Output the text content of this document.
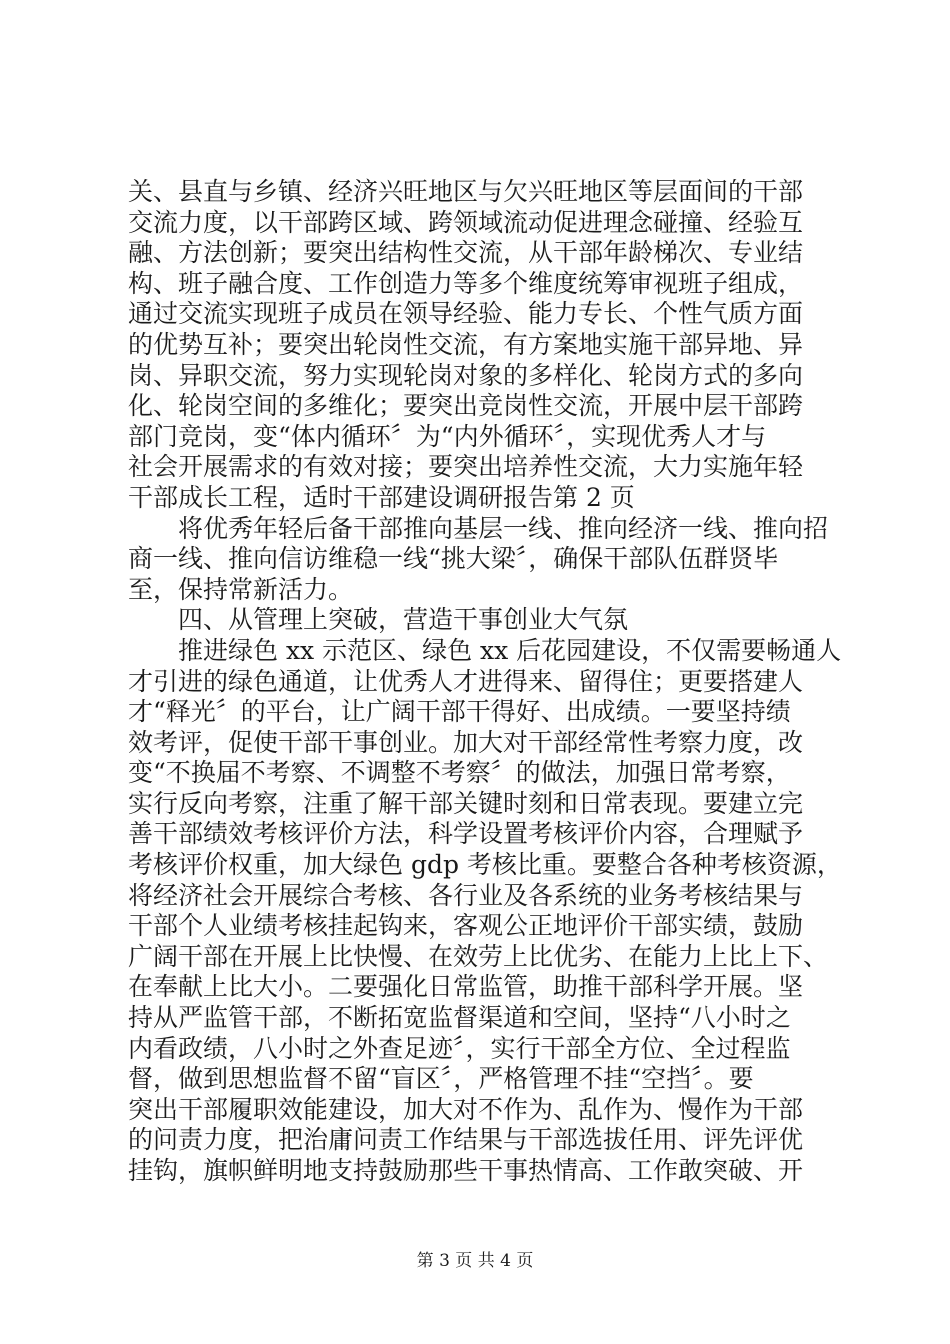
关、县直与乡镇、经济兴旺地区与欠兴旺地区等层面间的干部
交流力度，以干部跨区域、跨领域流动促进理念碰撞、经验互
融、方法创新；要突出结构性交流，从干部年龄梯次、专业结
构、班子融合度、工作创造力等多个维度统筹审视班子组成，
通过交流实现班子成员在领导经验、能力专长、个性气质方面
的优势互补；要突出轮岗性交流，有方案地实施干部异地、异
岗、异职交流，努力实现轮岗对象的多样化、轮岗方式的多向
化、轮岗空间的多维化；要突出竞岗性交流，开展中层干部跨
部门竞岗，变“体内循环〞为“内外循环〞，实现优秀人才与
社会开展需求的有效对接；要突出培养性交流，大力实施年轻
干部成长工程，适时干部建设调研报告第 2 页
将优秀年轻后备干部推向基层一线、推向经济一线、推向招
商一线、推向信访维稳一线“挑大梁〞，确保干部队伍群贤毕
至，保持常新活力。
四、从管理上突破，营造干事创业大气氛
推进绿色 xx 示范区、绿色 xx 后花园建设，不仅需要畅通人
才引进的绿色通道，让优秀人才进得来、留得住；更要搭建人
才“释光〞的平台，让广阔干部干得好、出成绩。一要坚持绩
效考评，促使干部干事创业。加大对干部经常性考察力度，改
变“不换届不考察、不调整不考察〞的做法，加强日常考察，
实行反向考察，注重了解干部关键时刻和日常表现。要建立完
善干部绩效考核评价方法，科学设置考核评价内容，合理赋予
考核评价权重，加大绿色 gdp 考核比重。要整合各种考核资源，
将经济社会开展综合考核、各行业及各系统的业务考核结果与
干部个人业绩考核挂起钩来，客观公正地评价干部实绩，鼓励
广阔干部在开展上比快慢、在效劳上比优劣、在能力上比上下、
在奉献上比大小。二要强化日常监管，助推干部科学开展。坚
持从严监管干部，不断拓宽监督渠道和空间，坚持“八小时之
内看政绩，八小时之外查足迹〞，实行干部全方位、全过程监
督，做到思想监督不留“盲区〞，严格管理不挂“空挡〞。要
突出干部履职效能建设，加大对不作为、乱作为、慢作为干部
的问责力度，把治庸问责工作结果与干部选拔任用、评先评优
挂钩，旗帜鲜明地支持鼓励那些干事热情高、工作敢突破、开
第 3 页 共 4 页
